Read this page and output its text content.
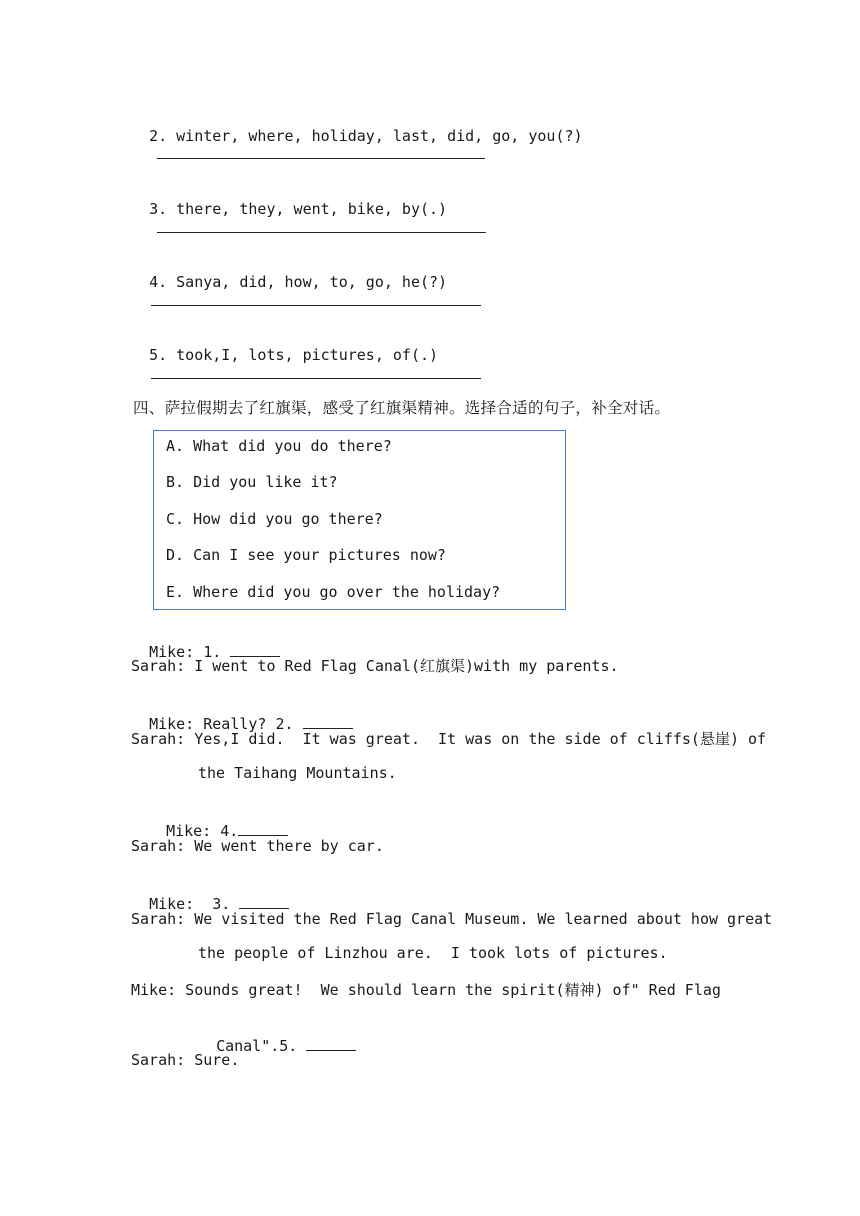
2. winter, where, holiday, last, did, go, you(?)

3. there, they, went, bike, by(.)

4. Sanya, did, how, to, go, he(?)

5. took,I, lots, pictures, of(.)

四、萨拉假期去了红旗渠，感受了红旗渠精神。选择合适的句子，补全对话。
A. What did you do there?
B. Did you like it?
C. How did you go there?
D. Can I see your pictures now?
E. Where did you go over the holiday?

Mike: 1.

Sarah: I went to Red Flag Canal(红旗渠)with my parents.

Mike: Really? 2.

Sarah: Yes,I did.  It was great.  It was on the side of cliffs(悬崖) of
the Taihang Mountains.

Mike: 4.

Sarah: We went there by car.

Mike:  3.

Sarah: We visited the Red Flag Canal Museum. We learned about how great
the people of Linzhou are.  I took lots of pictures.
Mike: Sounds great!  We should learn the spirit(精神) of" Red Flag

Canal".5.

Sarah: Sure.
